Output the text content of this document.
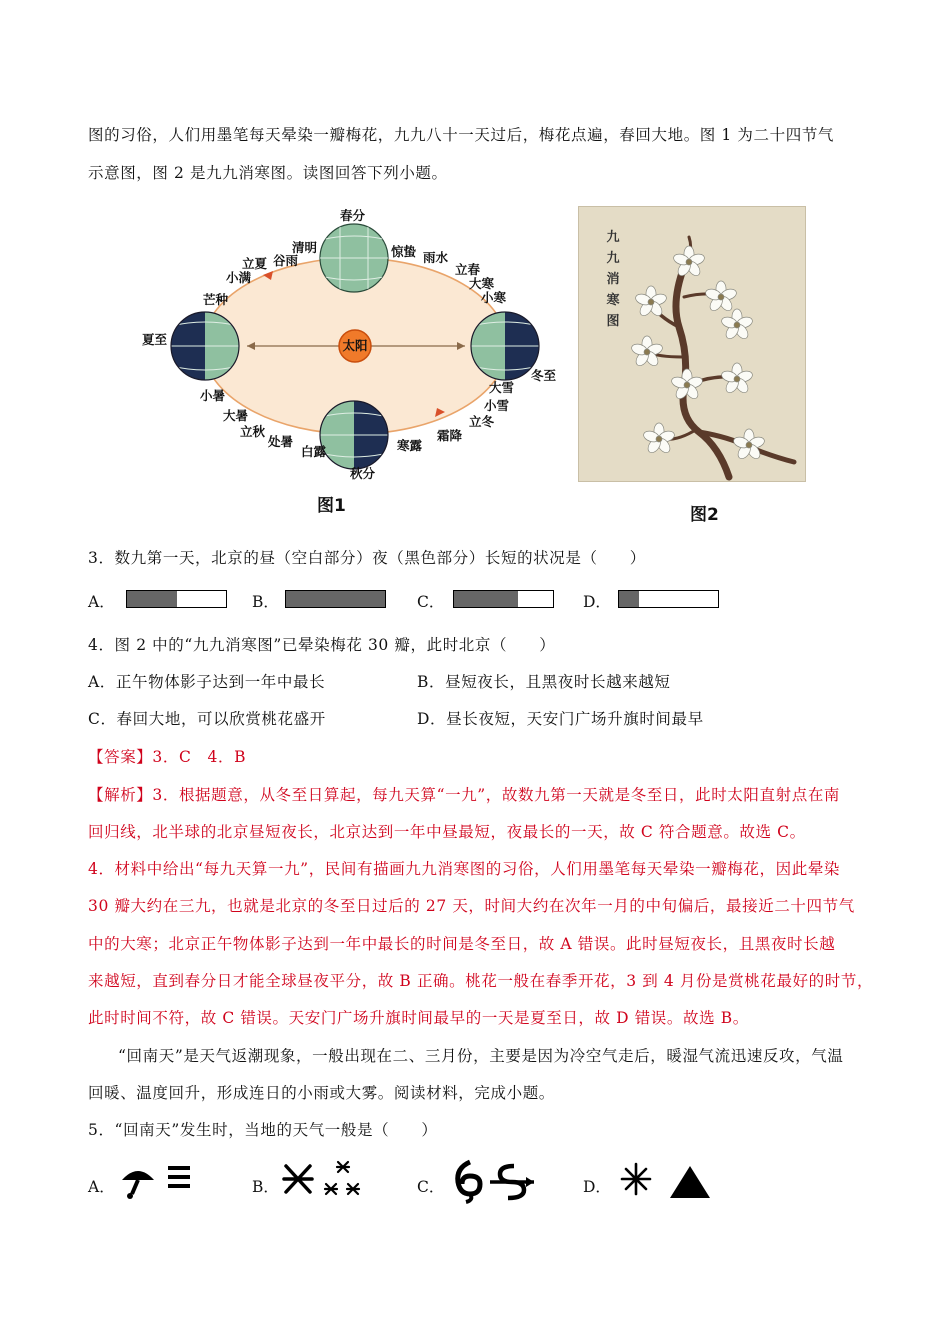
图的习俗，人们用墨笔每天晕染一瓣梅花，九九八十一天过后，梅花点遍，春回大地。图 1 为二十四节气
示意图，图 2 是九九消寒图。读图回答下列小题。
太阳
春分
清明
谷雨
立夏
小满
芒种
夏至
小暑
大暑
立秋
处暑
白露
秋分
寒露
霜降
立冬
小雪
大雪
冬至
小寒
大寒
立春
雨水
惊蛰
图1
九
九
消
寒
图
图2
3．数九第一天，北京的昼（空白部分）夜（黑色部分）长短的状况是（　　）
A．	B．	C．	D．
4．图 2 中的“九九消寒图”已晕染梅花 30 瓣，此时北京（　　）
A．正午物体影子达到一年中最长	B．昼短夜长，且黑夜时长越来越短
C．春回大地，可以欣赏桃花盛开	D．昼长夜短，天安门广场升旗时间最早
【答案】3．C　4．B
【解析】3．根据题意，从冬至日算起，每九天算“一九”，故数九第一天就是冬至日，此时太阳直射点在南
回归线，北半球的北京昼短夜长，北京达到一年中昼最短，夜最长的一天，故 C 符合题意。故选 C。
4．材料中给出“每九天算一九”，民间有描画九九消寒图的习俗，人们用墨笔每天晕染一瓣梅花，因此晕染
30 瓣大约在三九，也就是北京的冬至日过后的 27 天，时间大约在次年一月的中旬偏后，最接近二十四节气
中的大寒；北京正午物体影子达到一年中最长的时间是冬至日，故 A 错误。此时昼短夜长，且黑夜时长越
来越短，直到春分日才能全球昼夜平分，故 B 正确。桃花一般在春季开花，3 到 4 月份是赏桃花最好的时节，
此时时间不符，故 C 错误。天安门广场升旗时间最早的一天是夏至日，故 D 错误。故选 B。
“回南天”是天气返潮现象，一般出现在二、三月份，主要是因为冷空气走后，暖湿气流迅速反攻，气温
回暖、温度回升，形成连日的小雨或大雾。阅读材料，完成小题。
5．“回南天”发生时，当地的天气一般是（　　）
A．	B．	C．	D．
